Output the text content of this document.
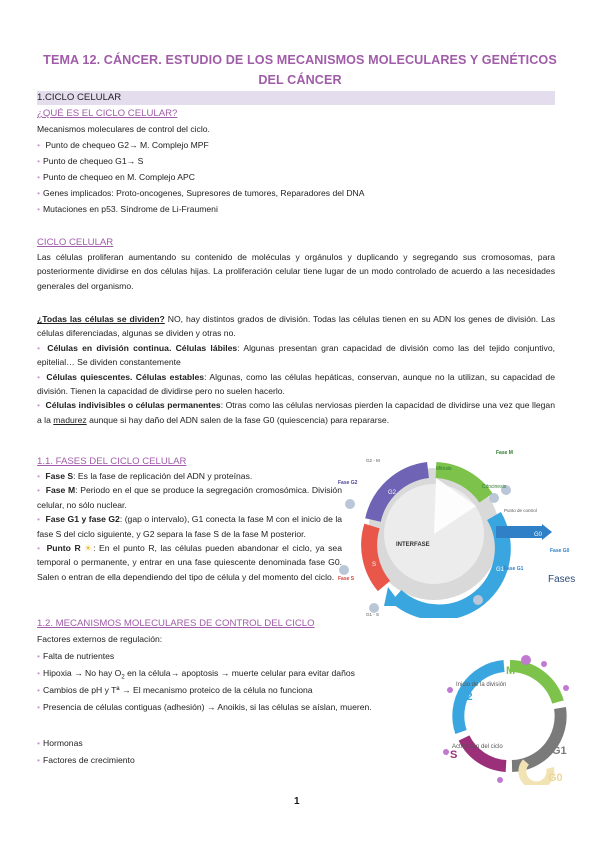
TEMA 12. CÁNCER. ESTUDIO DE LOS MECANISMOS MOLECULARES Y GENÉTICOS
DEL CÁNCER
1.CICLO CELULAR
¿QUÉ ES EL CICLO CELULAR?
Mecanismos moleculares de control del ciclo.
• Punto de chequeo G2→ M. Complejo MPF
• Punto de chequeo G1→ S
• Punto de chequeo en M. Complejo APC
• Genes implicados: Proto-oncogenes, Supresores de tumores, Reparadores del DNA
• Mutaciones en p53. Síndrome de Li-Fraumeni
CICLO CELULAR

Las células proliferan aumentando su contenido de moléculas y orgánulos y duplicando y segregando sus cromosomas, para posteriormente dividirse en dos células hijas. La proliferación celular tiene lugar de un modo controlado de acuerdo a las necesidades generales del organismo.

¿Todas las células se dividen? NO, hay distintos grados de división. Todas las células tienen en su ADN los genes de división. Las células diferenciadas, algunas se dividen y otras no.

• Células en división continua. Células lábiles: Algunas presentan gran capacidad de división como las del tejido conjuntivo, epitelial… Se dividen constantemente

• Células quiescentes. Células estables: Algunas, como las células hepáticas, conservan, aunque no la utilizan, su capacidad de división. Tienen la capacidad de dividirse pero no suelen hacerlo.

• Células indivisibles o células permanentes: Otras como las células nerviosas pierden la capacidad de dividirse una vez que llegan a la madurez aunque si hay daño del ADN salen de la fase G0 (quiescencia) para repararse.

1.1. FASES DEL CICLO CELULAR

• Fase S: Es la fase de replicación del ADN y proteínas.

• Fase M: Periodo en el que se produce la segregación cromosómica. División celular, no sólo nuclear.

• Fase G1 y fase G2: (gap o intervalo), G1 conecta la fase M con el inicio de la fase S del ciclo siguiente, y G2 separa la fase S de la fase M posterior.

• Punto R ☀: En el punto R, las células pueden abandonar el ciclo, ya sea temporal o permanente, y entrar en una fase quiescente denominada fase G0. Salen o entran de ella dependiendo del tipo de célula y del momento del ciclo.

INTERFASE
M
G1
S
G2
G0
Fase M
Fase G2
Fase G1
Fase S
Fase G0
Mitosis
Citocinesis
Punto de control
G2 - M
G1 - S
Fases
1.2. MECANISMOS MOLECULARES DE CONTROL DEL CICLO
Factores externos de regulación:
• Falta de nutrientes
• Hipoxia → No hay $O_2$ en la célula→ apoptosis → muerte celular para evitar daños
• Cambios de pH y Tª → El mecanismo proteico de la célula no funciona
• Presencia de células contiguas (adhesión) → Anoikis, si las células se aíslan, mueren.
• Hormonas
• Factores de crecimiento
M
G2
S	G1
G0
Inicio de la división
Activación del ciclo
1
